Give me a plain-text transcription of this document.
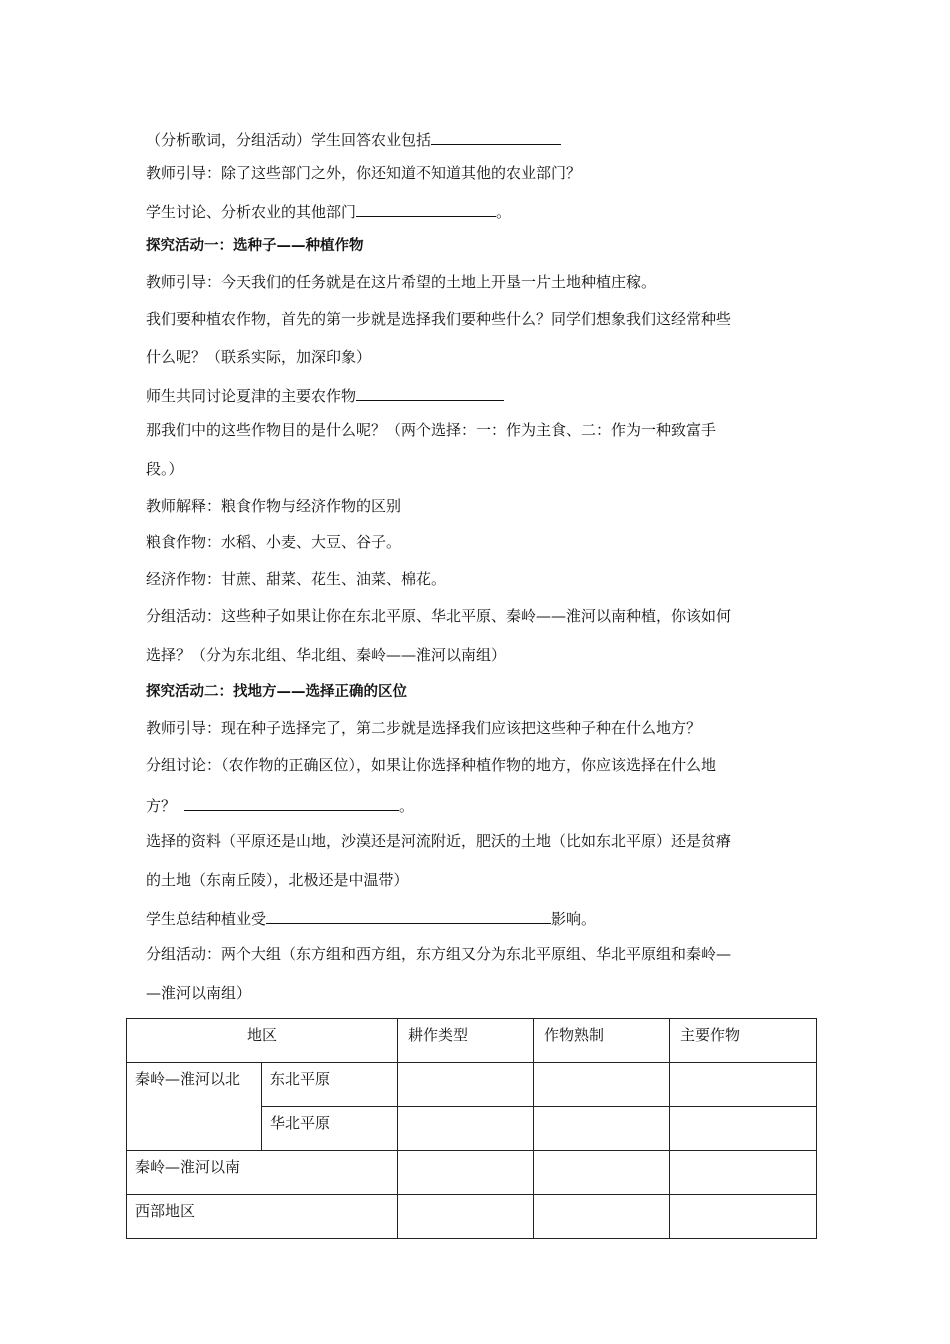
（分析歌词，分组活动）学生回答农业包括
教师引导：除了这些部门之外，你还知道不知道其他的农业部门？
学生讨论、分析农业的其他部门	。
探究活动一：选种子——种植作物
教师引导：今天我们的任务就是在这片希望的土地上开垦一片土地种植庄稼。
我们要种植农作物，首先的第一步就是选择我们要种些什么？同学们想象我们这经常种些
什么呢？（联系实际，加深印象）
师生共同讨论夏津的主要农作物
那我们中的这些作物目的是什么呢？（两个选择：一：作为主食、二：作为一种致富手
段。）
教师解释：粮食作物与经济作物的区别
粮食作物：水稻、小麦、大豆、谷子。
经济作物：甘蔗、甜菜、花生、油菜、棉花。
分组活动：这些种子如果让你在东北平原、华北平原、秦岭——淮河以南种植，你该如何
选择？（分为东北组、华北组、秦岭——淮河以南组）
探究活动二：找地方——选择正确的区位
教师引导：现在种子选择完了，第二步就是选择我们应该把这些种子种在什么地方？
分组讨论：（农作物的正确区位），如果让你选择种植作物的地方，你应该选择在什么地
方？	。
选择的资料（平原还是山地，沙漠还是河流附近，肥沃的土地（比如东北平原）还是贫瘠
的土地（东南丘陵），北极还是中温带）
学生总结种植业受	影响。
分组活动：两个大组（东方组和西方组，东方组又分为东北平原组、华北平原组和秦岭—
—淮河以南组）
地区		耕作类型	作物熟制	主要作物
秦岭—淮河以北	东北平原			
	华北平原			
秦岭—淮河以南				
西部地区				
